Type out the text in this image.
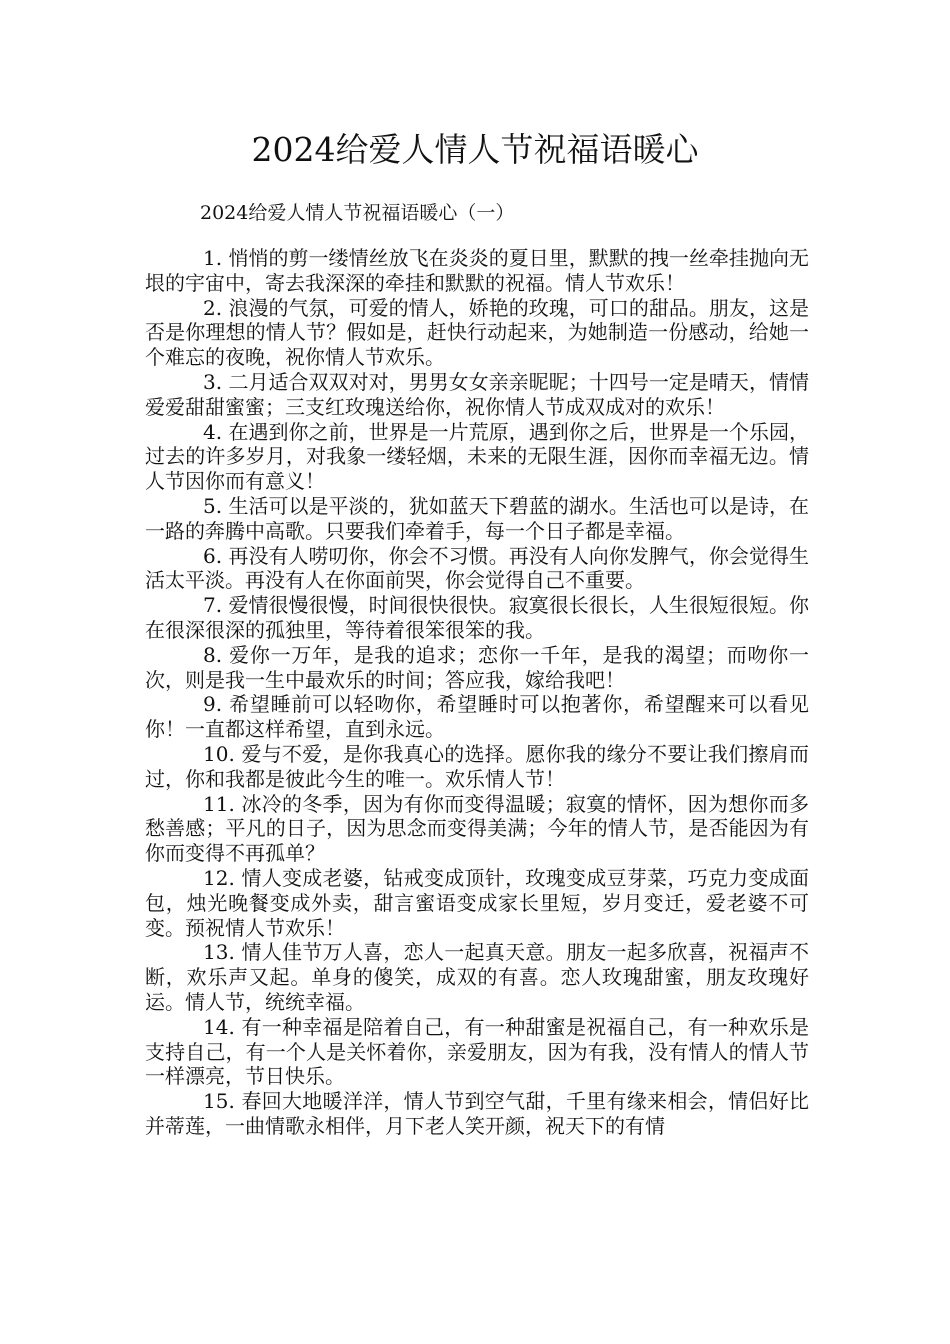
2024给爱人情人节祝福语暖心
2024给爱人情人节祝福语暖心（一）

1. 悄悄的剪一缕情丝放飞在炎炎的夏日里，默默的拽一丝牵挂抛向无垠的宇宙中，寄去我深深的牵挂和默默的祝福。情人节欢乐！

2. 浪漫的气氛，可爱的情人，娇艳的玫瑰，可口的甜品。朋友，这是否是你理想的情人节？假如是，赶快行动起来，为她制造一份感动，给她一个难忘的夜晚，祝你情人节欢乐。

3. 二月适合双双对对，男男女女亲亲昵昵；十四号一定是晴天，情情爱爱甜甜蜜蜜；三支红玫瑰送给你，祝你情人节成双成对的欢乐！

4. 在遇到你之前，世界是一片荒原，遇到你之后，世界是一个乐园，过去的许多岁月，对我象一缕轻烟，未来的无限生涯，因你而幸福无边。情人节因你而有意义！

5. 生活可以是平淡的，犹如蓝天下碧蓝的湖水。生活也可以是诗，在一路的奔腾中高歌。只要我们牵着手，每一个日子都是幸福。

6. 再没有人唠叨你，你会不习惯。再没有人向你发脾气，你会觉得生活太平淡。再没有人在你面前哭，你会觉得自己不重要。

7. 爱情很慢很慢，时间很快很快。寂寞很长很长，人生很短很短。你在很深很深的孤独里，等待着很笨很笨的我。

8. 爱你一万年，是我的追求；恋你一千年，是我的渴望；而吻你一次，则是我一生中最欢乐的时间；答应我，嫁给我吧！

9. 希望睡前可以轻吻你，希望睡时可以抱著你，希望醒来可以看见你！一直都这样希望，直到永远。

10. 爱与不爱，是你我真心的选择。愿你我的缘分不要让我们擦肩而过，你和我都是彼此今生的唯一。欢乐情人节！

11. 冰冷的冬季，因为有你而变得温暖；寂寞的情怀，因为想你而多愁善感；平凡的日子，因为思念而变得美满；今年的情人节，是否能因为有你而变得不再孤单？

12. 情人变成老婆，钻戒变成顶针，玫瑰变成豆芽菜，巧克力变成面包，烛光晚餐变成外卖，甜言蜜语变成家长里短，岁月变迁，爱老婆不可变。预祝情人节欢乐！

13. 情人佳节万人喜，恋人一起真天意。朋友一起多欣喜，祝福声不断，欢乐声又起。单身的傻笑，成双的有喜。恋人玫瑰甜蜜，朋友玫瑰好运。情人节，统统幸福。

14. 有一种幸福是陪着自己，有一种甜蜜是祝福自己，有一种欢乐是支持自己，有一个人是关怀着你，亲爱朋友，因为有我，没有情人的情人节一样漂亮，节日快乐。

15. 春回大地暖洋洋，情人节到空气甜，千里有缘来相会，情侣好比并蒂莲，一曲情歌永相伴，月下老人笑开颜，祝天下的有情
